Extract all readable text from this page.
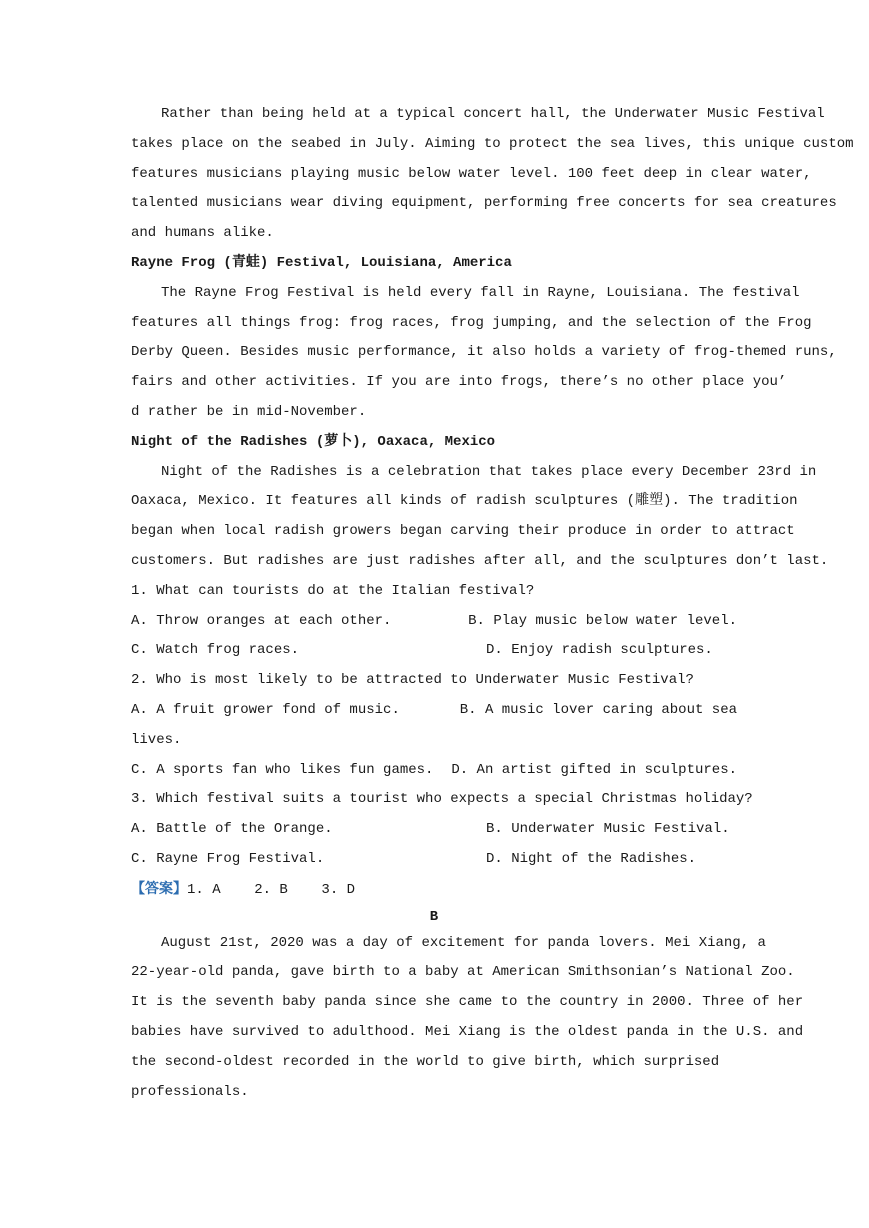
Rather than being held at a typical concert hall, the Underwater Music Festival
takes place on the seabed in July. Aiming to protect the sea lives, this unique custom
features musicians playing music below water level. 100 feet deep in clear water,
talented musicians wear diving equipment, performing free concerts for sea creatures
and humans alike.
Rayne Frog (青蛙) Festival, Louisiana, America
The Rayne Frog Festival is held every fall in Rayne, Louisiana. The festival
features all things frog: frog races, frog jumping, and the selection of the Frog
Derby Queen. Besides music performance, it also holds a variety of frog-themed runs,
fairs and other activities. If you are into frogs, there’s no other place you’
d rather be in mid-November.
Night of the Radishes (萝卜), Oaxaca, Mexico
Night of the Radishes is a celebration that takes place every December 23rd in
Oaxaca, Mexico. It features all kinds of radish sculptures (雕塑). The tradition
began when local radish growers began carving their produce in order to attract
customers. But radishes are just radishes after all, and the sculptures don’t last.
1. What can tourists do at the Italian festival?
A. Throw oranges at each other.	B. Play music below water level.
C. Watch frog races.	D. Enjoy radish sculptures.
2. Who is most likely to be attracted to Underwater Music Festival?
A. A fruit grower fond of music.	B. A music lover caring about sea
lives.
C. A sports fan who likes fun games.	D. An artist gifted in sculptures.
3. Which festival suits a tourist who expects a special Christmas holiday?
A. Battle of the Orange.	B. Underwater Music Festival.
C. Rayne Frog Festival.	D. Night of the Radishes.
【答案】1. A    2. B    3. D
B
August 21st, 2020 was a day of excitement for panda lovers. Mei Xiang, a
22-year-old panda, gave birth to a baby at American Smithsonian’s National Zoo.
It is the seventh baby panda since she came to the country in 2000. Three of her
babies have survived to adulthood. Mei Xiang is the oldest panda in the U.S. and
the second-oldest recorded in the world to give birth, which surprised
professionals.
